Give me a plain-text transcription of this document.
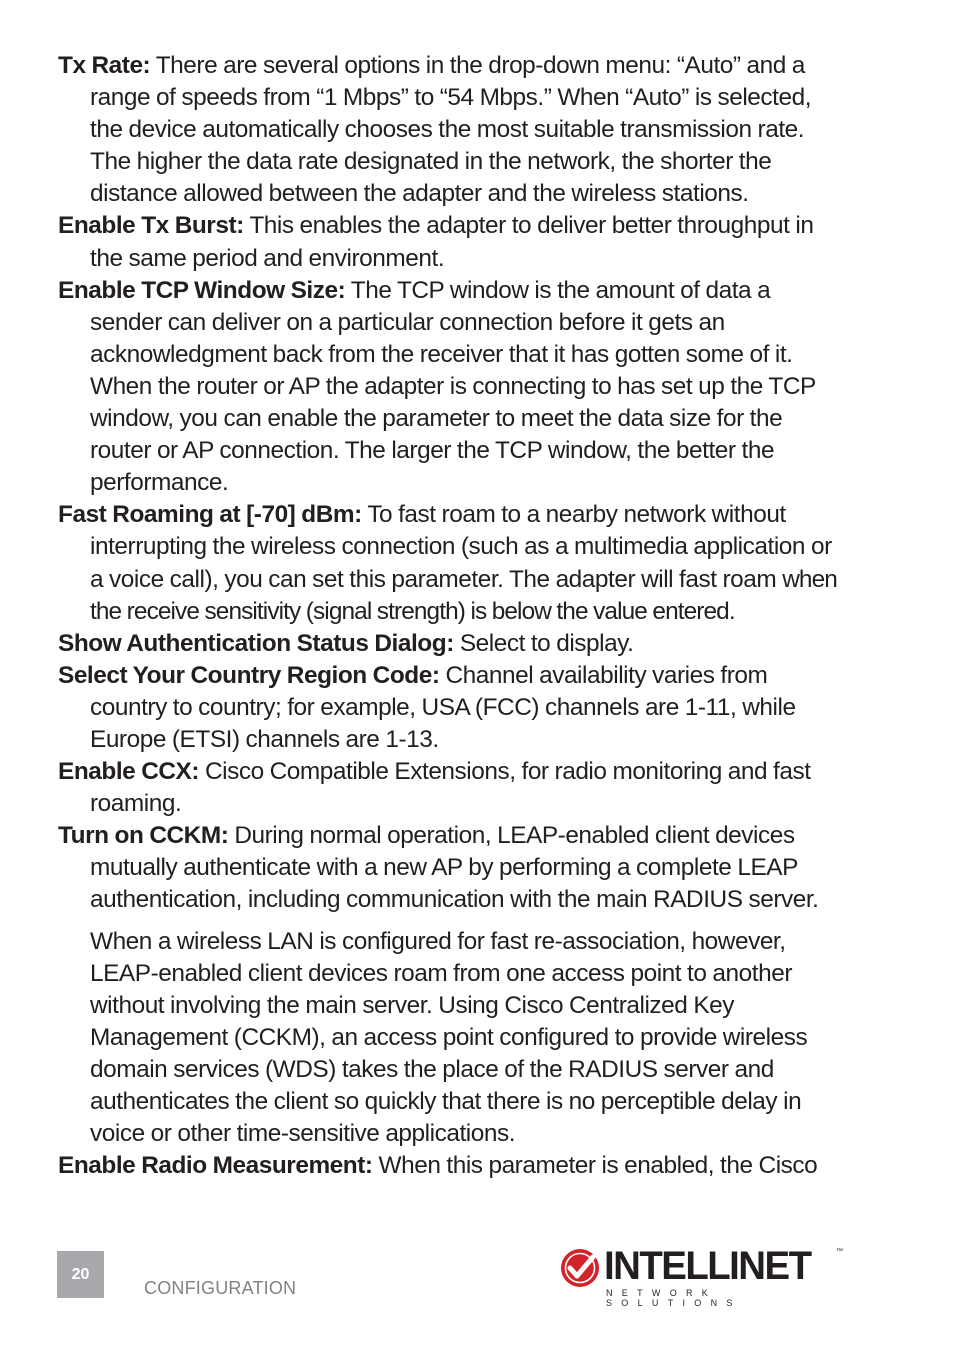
Tx Rate: There are several options in the drop-down menu: “Auto” and a range of speeds from “1 Mbps” to “54 Mbps.” When “Auto” is selected, the device automatically chooses the most suitable transmission rate. The higher the data rate designated in the network, the shorter the distance allowed between the adapter and the wireless stations.

Enable Tx Burst: This enables the adapter to deliver better throughput in the same period and environment.

Enable TCP Window Size: The TCP window is the amount of data a sender can deliver on a particular connection before it gets an acknowledgment back from the receiver that it has gotten some of it. When the router or AP the adapter is connecting to has set up the TCP window, you can enable the parameter to meet the data size for the router or AP connection. The larger the TCP window, the better the performance.

Fast Roaming at [-70] dBm: To fast roam to a nearby network without interrupting the wireless connection (such as a multimedia application or a voice call), you can set this parameter. The adapter will fast roam when the receive sensitivity (signal strength) is below the value entered.

Show Authentication Status Dialog: Select to display.

Select Your Country Region Code: Channel availability varies from country to country; for example, USA (FCC) channels are 1-11, while Europe (ETSI) channels are 1-13.

Enable CCX: Cisco Compatible Extensions, for radio monitoring and fast roaming.

Turn on CCKM: During normal operation, LEAP-enabled client devices mutually authenticate with a new AP by performing a complete LEAP authentication, including communication with the main RADIUS server.

When a wireless LAN is configured for fast re-association, however, LEAP-enabled client devices roam from one access point to another without involving the main server. Using Cisco Centralized Key Management (CCKM), an access point configured to provide wireless domain services (WDS) takes the place of the RADIUS server and authenticates the client so quickly that there is no perceptible delay in voice or other time-sensitive applications.

Enable Radio Measurement: When this parameter is enabled, the Cisco

20
CONFIGURATION	INTELLINET	™
NETWORK SOLUTIONS
